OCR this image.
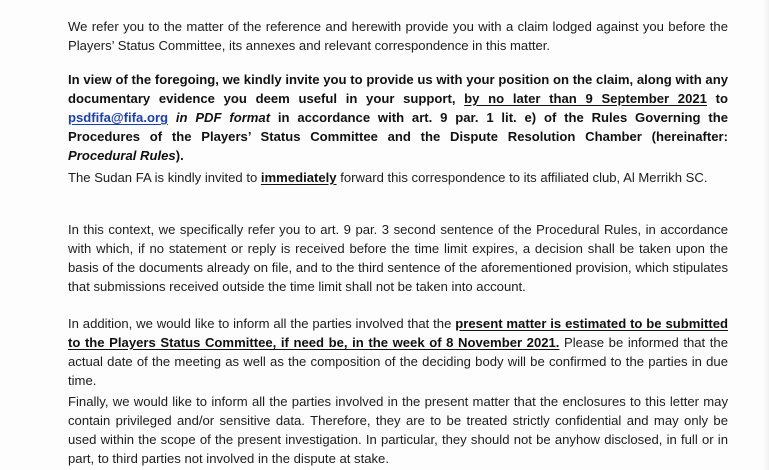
We refer you to the matter of the reference and herewith provide you with a claim lodged against you before the Players’ Status Committee, its annexes and relevant correspondence in this matter.

In view of the foregoing, we kindly invite you to provide us with your position on the claim, along with any documentary evidence you deem useful in your support, by no later than 9 September 2021 to psdfifa@fifa.org in PDF format in accordance with art. 9 par. 1 lit. e) of the Rules Governing the Procedures of the Players’ Status Committee and the Dispute Resolution Chamber (hereinafter: Procedural Rules).

The Sudan FA is kindly invited to immediately forward this correspondence to its affiliated club, Al Merrikh SC.

In this context, we specifically refer you to art. 9 par. 3 second sentence of the Procedural Rules, in accordance with which, if no statement or reply is received before the time limit expires, a decision shall be taken upon the basis of the documents already on file, and to the third sentence of the aforementioned provision, which stipulates that submissions received outside the time limit shall not be taken into account.

In addition, we would like to inform all the parties involved that the present matter is estimated to be submitted to the Players Status Committee, if need be, in the week of 8 November 2021. Please be informed that the actual date of the meeting as well as the composition of the deciding body will be confirmed to the parties in due time.

Finally, we would like to inform all the parties involved in the present matter that the enclosures to this letter may contain privileged and/or sensitive data. Therefore, they are to be treated strictly confidential and may only be used within the scope of the present investigation. In particular, they should not be anyhow disclosed, in full or in part, to third parties not involved in the dispute at stake.
